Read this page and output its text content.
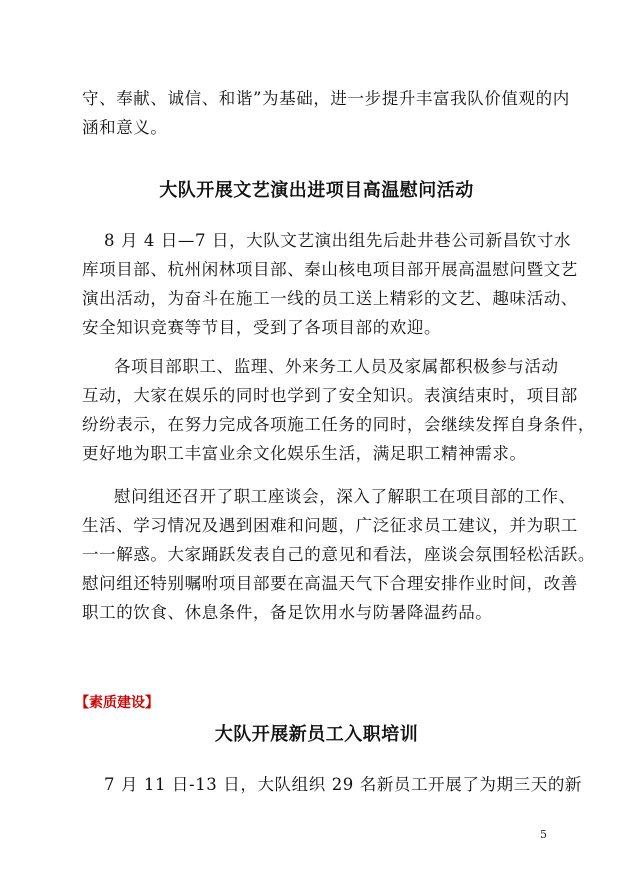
守、奉献、诚信、和谐”为基础，进一步提升丰富我队价值观的内
涵和意义。
大队开展文艺演出进项目高温慰问活动
8 月 4 日—7 日，大队文艺演出组先后赴井巷公司新昌钦寸水
库项目部、杭州闲林项目部、秦山核电项目部开展高温慰问暨文艺
演出活动，为奋斗在施工一线的员工送上精彩的文艺、趣味活动、
安全知识竞赛等节目，受到了各项目部的欢迎。
各项目部职工、监理、外来务工人员及家属都积极参与活动
互动，大家在娱乐的同时也学到了安全知识。表演结束时，项目部
纷纷表示，在努力完成各项施工任务的同时，会继续发挥自身条件，
更好地为职工丰富业余文化娱乐生活，满足职工精神需求。
慰问组还召开了职工座谈会，深入了解职工在项目部的工作、
生活、学习情况及遇到困难和问题，广泛征求员工建议，并为职工
一一解惑。大家踊跃发表自己的意见和看法，座谈会氛围轻松活跃。
慰问组还特别嘱咐项目部要在高温天气下合理安排作业时间，改善
职工的饮食、休息条件，备足饮用水与防暑降温药品。
【素质建设】
大队开展新员工入职培训
7 月 11 日-13 日，大队组织 29 名新员工开展了为期三天的新
5
